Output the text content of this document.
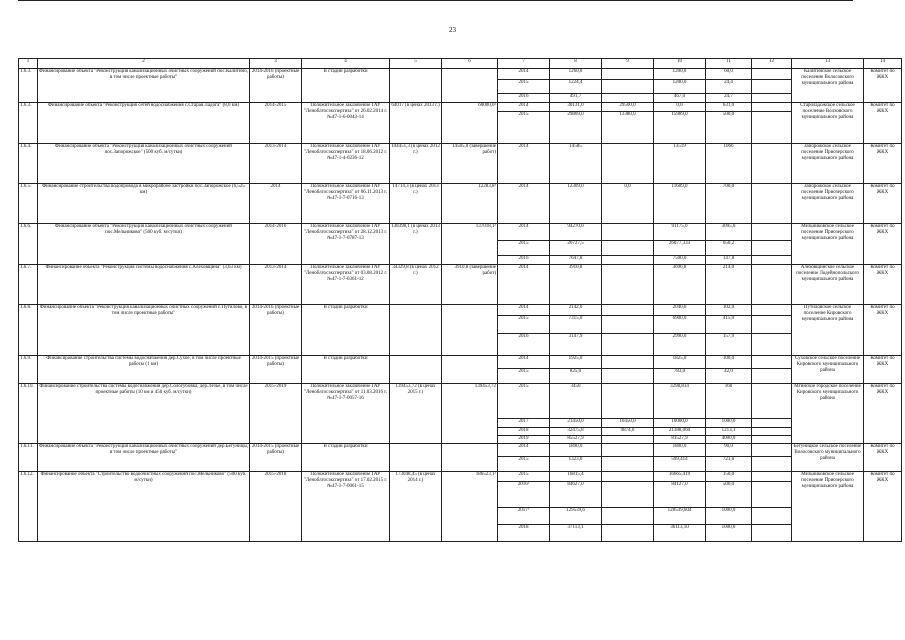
23
1	2	3	4	5	6	7	8	9	10	11	12	13	14
1.6.3.	Финансирование объекта "Реконструкция канализационных очистных сооружений пос.Калитино, в том числе проектные работы"	2014-2016 (проектные работы)	В стадии разработки			2014	1260,0		1200,0	60,0		Калитинское сельское поселение Волосовского муниципального района	Комитет по ЖКХ
						2015	1224,4		1200,0	24,4			
						2016	491,7		467,0	24,7			
1.6.3.	Финансирование объекта "Реконструкция сетей водоснабжения с.Старая Ладога" (8,0 км)	2014-2015	Положительное заключение ГАУ "Леноблгосэкспертиза" от 26.02.2014 г. №47-1-6-0043-14	64017 (в ценах 2013 г.)	60000,0²	2014	30131,0	29500,0	0,0	631,0		Староладожское сельское поселение Волховского муниципального района	Комитет по ЖКХ
						2015	29869,0	13380,0	15989,0	500,0			
1.6.4.	Финансирование объекта "Реконструкция канализационных очистных сооружений пос.Запорожское" (500 куб. м/сутки)	2013-2014	Положительное заключение ГАУ "Леноблгосэкспертиза" от 18.06.2012 г. №47-1-4-0236-12	104451,3 (в ценах 2012 г.)	14585,0 (завершение работ)	2014	14585		13519	1066		Запорожское сельское поселение Приозерского муниципального района	Комитет по ЖКХ
1.6.5.	Финансирование строительства водопровода в микрорайоне застройки пос.Запорожское (6,525 км)	2014	Положительное заключение ГАУ "Леноблгосэкспертиза" от 06.11.2013 г. №47-1-7-0716-13	14714,3 (в ценах 2013 г.)	12283,8²	2014	12309,0	0,0	11609,0	700,0		Запорожское сельское поселение Приозерского муниципального района	Комитет по ЖКХ
1.6.6.	Финансирование объекта "Реконструкция канализационных очистных сооружений пос.Мельниково" (500 куб. м/сутки)	2014-2016	Положительное заключение ГАУ "Леноблгосэкспертиза" от 28.12.2013 г. №47-1-7-0787-13	138398,1 (в ценах 2013 г.)	137018,1²	2014	94270,0		91175,0	3095,0		Мельниковское сельское поселение Приозерского муниципального района	Комитет по ЖКХ
						2015	26727,5		26077,333	650,2			
						2016	7647,8		7500,0	147,8			
1.6.7.	Финансирование объекта "Реконструкция системы водоснабжения с.Алеховщина" (3,63 км)	2013-2014	Положительное заключение ГАУ "Леноблгосэкспертиза" от 03.08.2012 г. №47-1-7-0361-12	34329,8 (в ценах 2012 г.)	3910,8 (завершение работ)	2014	3910,8		3696,8	214,0		Алеховщинское сельское поселение Лодейнопольского муниципального района	Комитет по ЖКХ
1.6.8.	Финансирование объекта "Реконструкция канализационных очистных сооружений с.Путилово, в том числе проектные работы"	2014-2016 (проектные работы)	В стадии разработки			2014	2142,0		2040,0	102,0		Путиловское сельское поселение Кировского муниципального района	Комитет по ЖКХ
						2015	7315,0		6900,0	415,0			
						2016	3147,9		2990,0	157,9			
1.6.9.	Финансирование строительства системы водоснабжения дер.Сухое, в том числе проектные работы (1 км)	2014-2015 (проектные работы)	В стадии разработки			2014	1925,0		1825,0	100,0		Суховское сельское поселение Кировского муниципального района	Комитет по ЖКХ
						2015	825,0		783,0	42,0			
1.6.10.	Финансирование строительства системы водоснабжения дер.Сологубовка, дер.Лезье, в том числе проектные работы (10 км и 450 куб. м/сутки)	2015-2019	Положительное заключение ГАУ "Леноблгосэкспертиза" от 11.03.2016 г. №47-1-7-0057-16	139453,72 (в ценах 2015 г.)	139453,72	2015	3450		3298,814	160		Мгинское городское поселение Кировского муниципального района	Комитет по ЖКХ
						2017	21450,0	10450,0	10000,0	1000,0			
						2018	32475,8	9874,0	21388,060	1213,1			
						2019	85527,9		81527,9	4000,0			
1.6.11.	Финансирование объекта "Реконструкция канализационных очистных сооружений дер.Бегуницы, в том числе проектные работы"	2014-2015 (проектные работы)	В стадии разработки			2014	1890,0		1800,0	90,0		Бегуницкое сельское поселение Волосовского муниципального района	Комитет по ЖКХ
						2015	1323,0		599,414	723,6			
1.6.12.	Финансирование объекта "Строительство водоочистных сооружений пос.Мельниково" (500 куб. м/сутки)	2015-2018	Положительное заключение ГАУ "Леноблгосэкспертиза" от 17.02.2015 г. №47-1-7-0061-15	173048,45 (в ценах 2014 г.)	186523,1²	2015	16815,4		16665,419	150,0		Мельниковское сельское поселение Приозерского муниципального района	Комитет по ЖКХ
						2016¹	84627,0		84127,0	500,0			
						2017²	129539,6		128539,604	1000,0			
						2018	37113,1		36113,10	1000,0			
